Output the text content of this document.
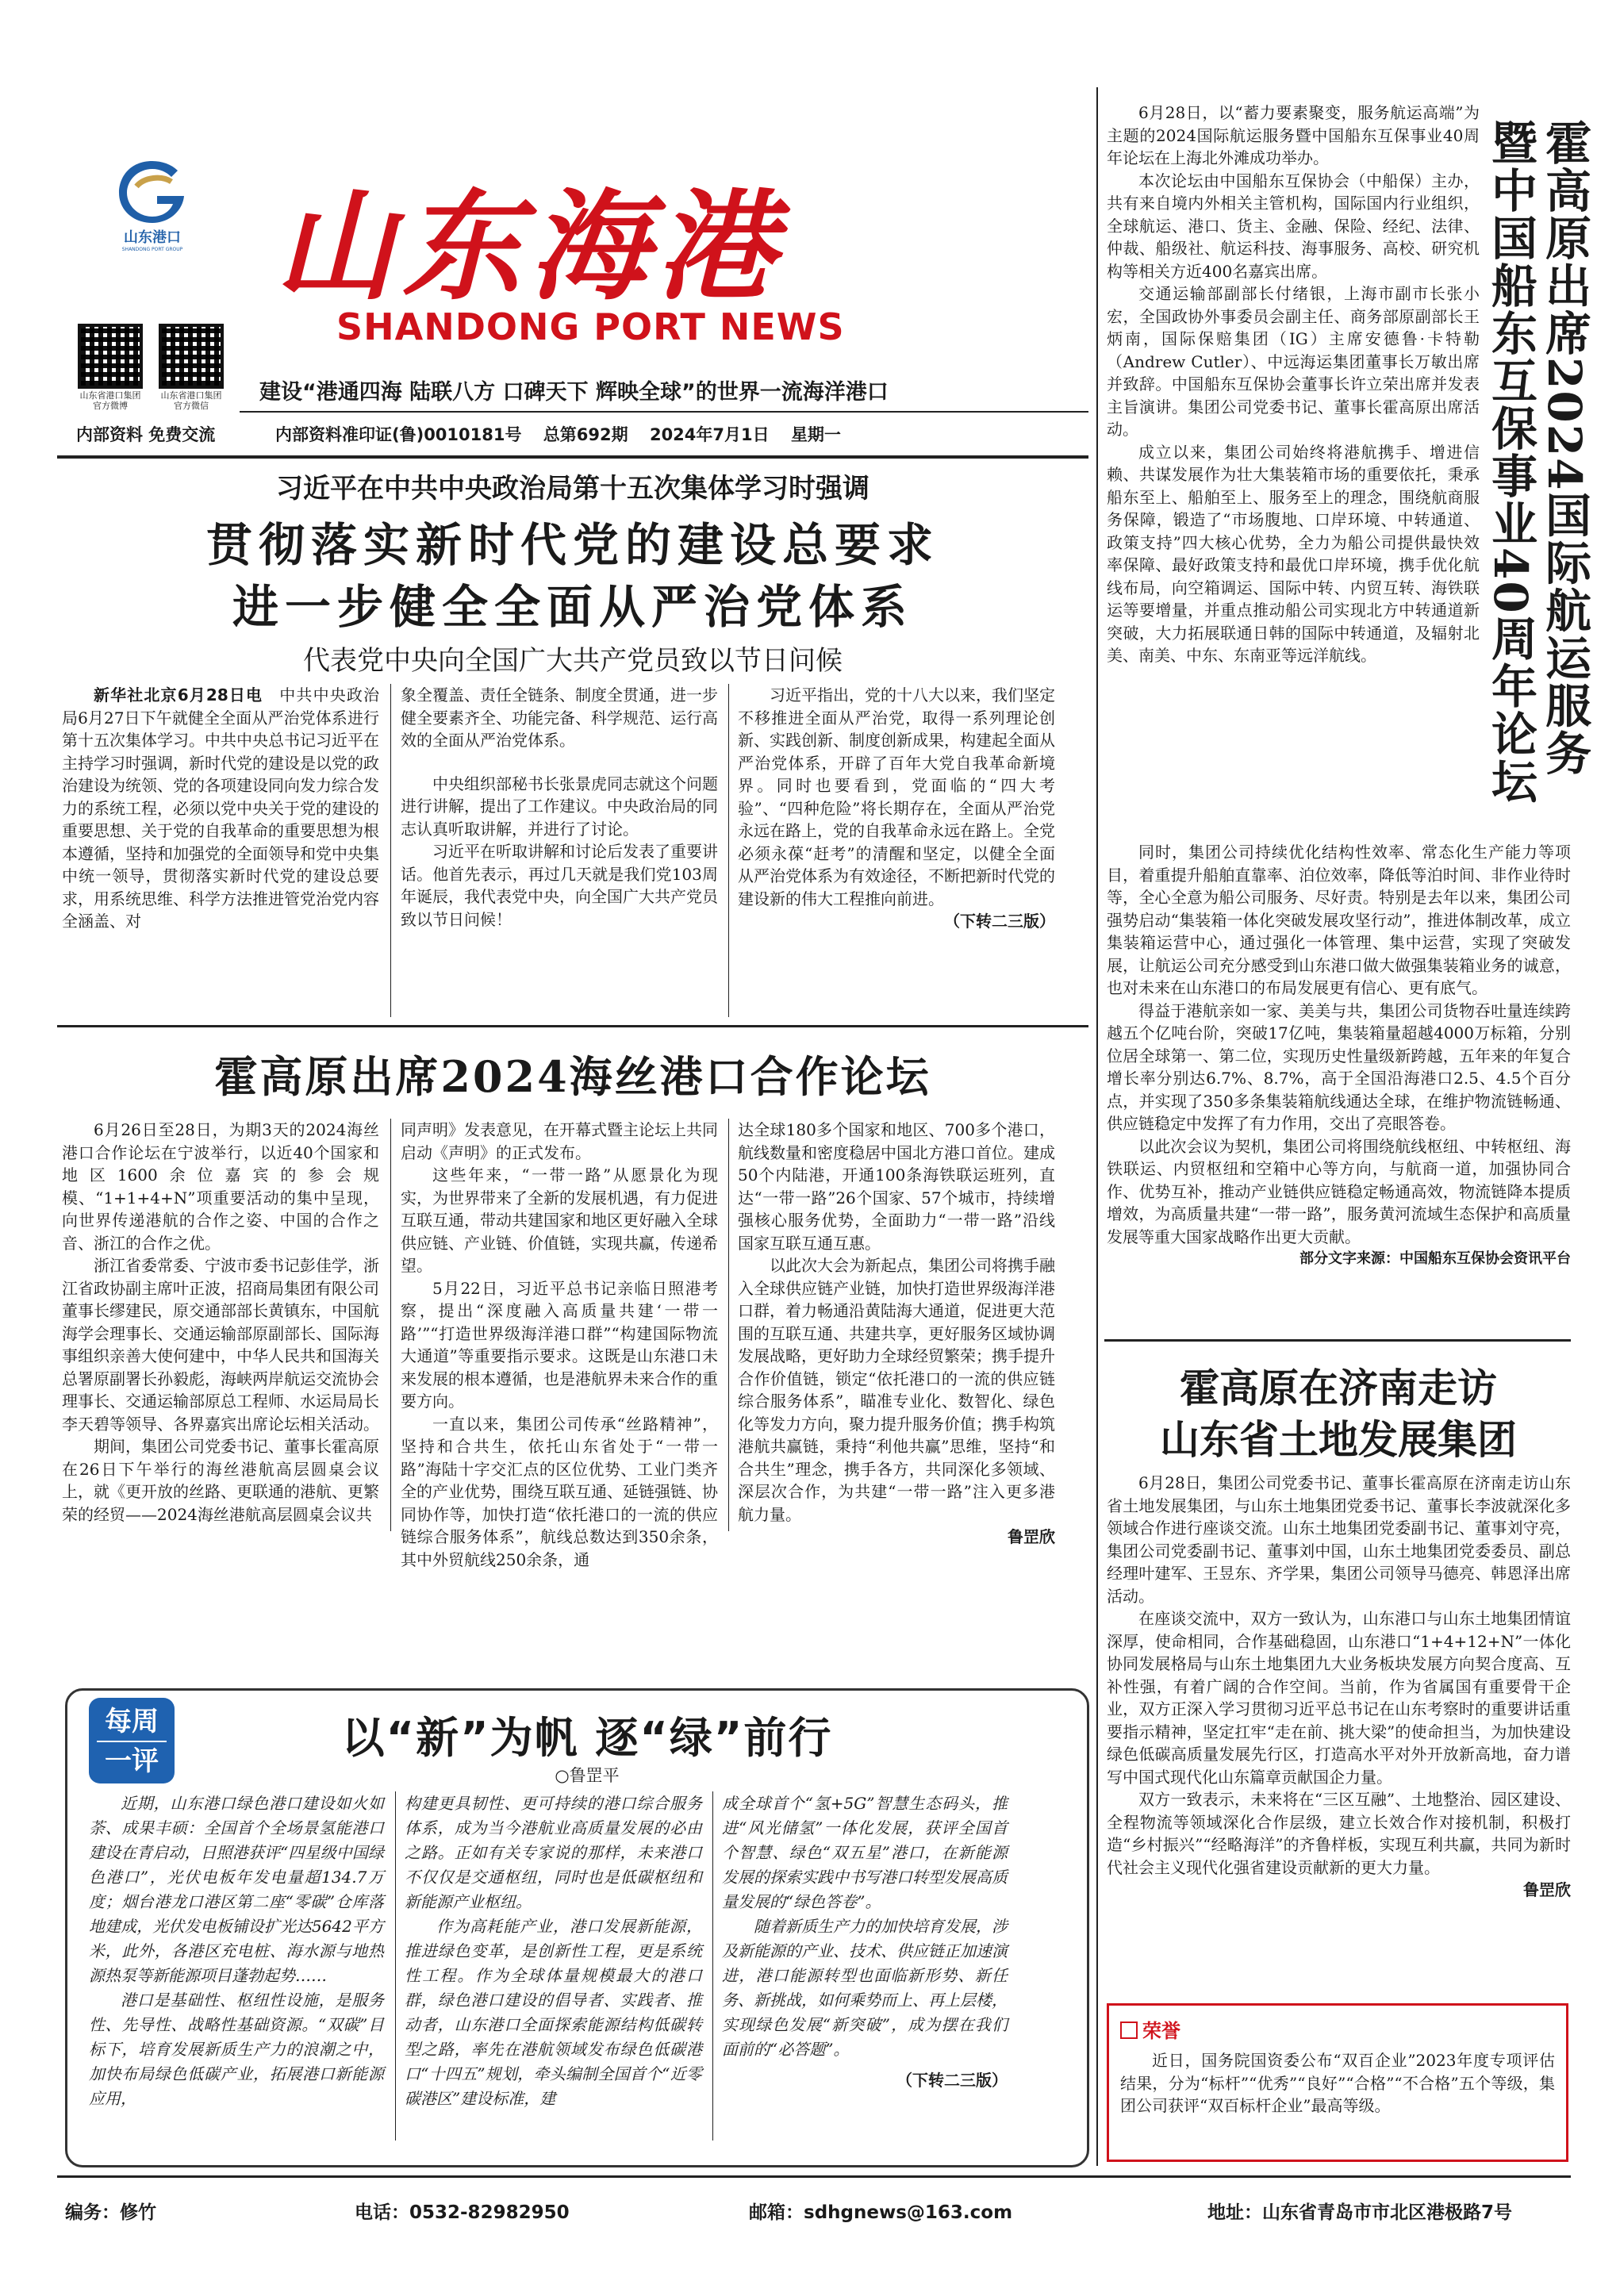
山东港口
SHANDONG PORT GROUP 山东海港
SHANDONG PORT NEWS
山东省港口集团官方微博
山东省港口集团官方微信
建设“港通四海 陆联八方 口碑天下 辉映全球”的世界一流海洋港口
内部资料 免费交流	内部资料准印证(鲁)0010181号 总第692期 2024年7月1日 星期一
习近平在中共中央政治局第十五次集体学习时强调
贯彻落实新时代党的建设总要求
进一步健全全面从严治党体系
代表党中央向全国广大共产党员致以节日问候

新华社北京6月28日电　 中共中央政治局6月27日下午就健全全面从严治党体系进行第十五次集体学习。中共中央总书记习近平在主持学习时强调，新时代党的建设是以党的政治建设为统领、党的各项建设同向发力综合发力的系统工程，必须以党中央关于党的建设的重要思想、关于党的自我革命的重要思想为根本遵循，坚持和加强党的全面领导和党中央集中统一领导，贯彻落实新时代党的建设总要求，用系统思维、科学方法推进管党治党内容全涵盖、对

象全覆盖、责任全链条、制度全贯通，进一步健全要素齐全、功能完备、科学规范、运行高效的全面从严治党体系。

中央组织部秘书长张景虎同志就这个问题进行讲解，提出了工作建议。中央政治局的同志认真听取讲解，并进行了讨论。

习近平在听取讲解和讨论后发表了重要讲话。他首先表示，再过几天就是我们党103周年诞辰，我代表党中央，向全国广大共产党员致以节日问候！

习近平指出，党的十八大以来，我们坚定不移推进全面从严治党，取得一系列理论创新、实践创新、制度创新成果，构建起全面从严治党体系，开辟了百年大党自我革命新境界。同时也要看到，党面临的“四大考验”、“四种危险”将长期存在，全面从严治党永远在路上，党的自我革命永远在路上。全党必须永葆“赶考”的清醒和坚定，以健全全面从严治党体系为有效途径，不断把新时代党的建设新的伟大工程推向前进。

（下转二三版）
霍高原出席2024海丝港口合作论坛

6月26日至28日，为期3天的2024海丝港口合作论坛在宁波举行，以近40个国家和地区1600余位嘉宾的参会规模、“1+1+4+N”项重要活动的集中呈现，向世界传递港航的合作之姿、中国的合作之音、浙江的合作之优。

浙江省委常委、宁波市委书记彭佳学，浙江省政协副主席叶正波，招商局集团有限公司董事长缪建民，原交通部部长黄镇东，中国航海学会理事长、交通运输部原副部长、国际海事组织亲善大使何建中，中华人民共和国海关总署原副署长孙毅彪，海峡两岸航运交流协会理事长、交通运输部原总工程师、水运局局长李天碧等领导、各界嘉宾出席论坛相关活动。

期间，集团公司党委书记、董事长霍高原在26日下午举行的海丝港航高层圆桌会议上，就《更开放的丝路、更联通的港航、更繁荣的经贸——2024海丝港航高层圆桌会议共

同声明》发表意见，在开幕式暨主论坛上共同启动《声明》的正式发布。

这些年来，“一带一路”从愿景化为现实，为世界带来了全新的发展机遇，有力促进互联互通，带动共建国家和地区更好融入全球供应链、产业链、价值链，实现共赢，传递希望。

5月22日，习近平总书记亲临日照港考察，提出“深度融入高质量共建‘一带一路’”“打造世界级海洋港口群”“构建国际物流大通道”等重要指示要求。这既是山东港口未来发展的根本遵循，也是港航界未来合作的重要方向。

一直以来，集团公司传承“丝路精神”，坚持和合共生，依托山东省处于“一带一路”海陆十字交汇点的区位优势、工业门类齐全的产业优势，围绕互联互通、延链强链、协同协作等，加快打造“依托港口的一流的供应链综合服务体系”，航线总数达到350余条，其中外贸航线250余条，通

达全球180多个国家和地区、700多个港口，航线数量和密度稳居中国北方港口首位。建成50个内陆港，开通100条海铁联运班列，直达“一带一路”26个国家、57个城市，持续增强核心服务优势，全面助力“一带一路”沿线国家互联互通互惠。

以此次大会为新起点，集团公司将携手融入全球供应链产业链，加快打造世界级海洋港口群，着力畅通沿黄陆海大通道，促进更大范围的互联互通、共建共享，更好服务区域协调发展战略，更好助力全球经贸繁荣；携手提升合作价值链，锁定“依托港口的一流的供应链综合服务体系”，瞄准专业化、数智化、绿色化等发力方向，聚力提升服务价值；携手构筑港航共赢链，秉持“利他共赢”思维，坚持“和合共生”理念，携手各方，共同深化多领域、深层次合作，为共建“一带一路”注入更多港航力量。

鲁罡欣
每周
一评	以“新”为帆 逐“绿”前行
○鲁罡平

近期，山东港口绿色港口建设如火如荼、成果丰硕：全国首个全场景氢能港口建设在青启动，日照港获评“四星级中国绿色港口”，光伏电板年发电量超134.7万度；烟台港龙口港区第二座“零碳”仓库落地建成，光伏发电板铺设扩光达5642平方米，此外，各港区充电桩、海水源与地热源热泵等新能源项目蓬勃起势……

港口是基础性、枢纽性设施，是服务性、先导性、战略性基础资源。“双碳”目标下，培育发展新质生产力的浪潮之中，加快布局绿色低碳产业，拓展港口新能源应用，

构建更具韧性、更可持续的港口综合服务体系，成为当今港航业高质量发展的必由之路。正如有关专家说的那样，未来港口不仅仅是交通枢纽，同时也是低碳枢纽和新能源产业枢纽。

作为高耗能产业，港口发展新能源，推进绿色变革，是创新性工程，更是系统性工程。作为全球体量规模最大的港口群，绿色港口建设的倡导者、实践者、推动者，山东港口全面探索能源结构低碳转型之路，率先在港航领域发布绿色低碳港口“十四五”规划，牵头编制全国首个“近零碳港区”建设标准，建

成全球首个“氢+5G”智慧生态码头，推进“风光储氢”一体化发展，获评全国首个智慧、绿色“双五星”港口，在新能源发展的探索实践中书写港口转型发展高质量发展的“绿色答卷”。

随着新质生产力的加快培育发展，涉及新能源的产业、技术、供应链正加速演进，港口能源转型也面临新形势、新任务、新挑战，如何乘势而上、再上层楼，实现绿色发展“新突破”，成为摆在我们面前的“必答题”。

（下转二三版）

6月28日，以“蓄力要素聚变，服务航运高端”为主题的2024国际航运服务暨中国船东互保事业40周年论坛在上海北外滩成功举办。

本次论坛由中国船东互保协会（中船保）主办，共有来自境内外相关主管机构，国际国内行业组织，全球航运、港口、货主、金融、保险、经纪、法律、仲裁、船级社、航运科技、海事服务、高校、研究机构等相关方近400名嘉宾出席。

交通运输部副部长付绪银，上海市副市长张小宏，全国政协外事委员会副主任、商务部原副部长王炳南，国际保赔集团（IG）主席安德鲁·卡特勒（Andrew Cutler）、中远海运集团董事长万敏出席并致辞。中国船东互保协会董事长许立荣出席并发表主旨演讲。集团公司党委书记、董事长霍高原出席活动。

成立以来，集团公司始终将港航携手、增进信赖、共谋发展作为壮大集装箱市场的重要依托，秉承船东至上、船舶至上、服务至上的理念，围绕航商服务保障，锻造了“市场腹地、口岸环境、中转通道、政策支持”四大核心优势，全力为船公司提供最快效率保障、最好政策支持和最优口岸环境，携手优化航线布局，向空箱调运、国际中转、内贸互转、海铁联运等要增量，并重点推动船公司实现北方中转通道新突破，大力拓展联通日韩的国际中转通道，及辐射北美、南美、中东、东南亚等远洋航线。	霍高原出席2024国际航运服务
暨中国船东互保事业40周年论坛

同时，集团公司持续优化结构性效率、常态化生产能力等项目，着重提升船舶直靠率、泊位效率，降低等泊时间、非作业待时等，全心全意为船公司服务、尽好责。特别是去年以来，集团公司强势启动“集装箱一体化突破发展攻坚行动”，推进体制改革，成立集装箱运营中心，通过强化一体管理、集中运营，实现了突破发展，让航运公司充分感受到山东港口做大做强集装箱业务的诚意，也对未来在山东港口的布局发展更有信心、更有底气。

得益于港航亲如一家、美美与共，集团公司货物吞吐量连续跨越五个亿吨台阶，突破17亿吨，集装箱量超越4000万标箱，分别位居全球第一、第二位，实现历史性量级新跨越，五年来的年复合增长率分别达6.7%、8.7%，高于全国沿海港口2.5、4.5个百分点，并实现了350多条集装箱航线通达全球，在维护物流链畅通、供应链稳定中发挥了有力作用，交出了亮眼答卷。

以此次会议为契机，集团公司将围绕航线枢纽、中转枢纽、海铁联运、内贸枢纽和空箱中心等方向，与航商一道，加强协同合作、优势互补，推动产业链供应链稳定畅通高效，物流链降本提质增效，为高质量共建“一带一路”，服务黄河流域生态保护和高质量发展等重大国家战略作出更大贡献。

部分文字来源：中国船东互保协会资讯平台
霍高原在济南走访
山东省土地发展集团

6月28日，集团公司党委书记、董事长霍高原在济南走访山东省土地发展集团，与山东土地集团党委书记、董事长李波就深化多领域合作进行座谈交流。山东土地集团党委副书记、董事刘守亮，集团公司党委副书记、董事刘中国，山东土地集团党委委员、副总经理叶建军、王昱东、齐学果，集团公司领导马德亮、韩恩泽出席活动。

在座谈交流中，双方一致认为，山东港口与山东土地集团情谊深厚，使命相同，合作基础稳固，山东港口“1+4+12+N”一体化协同发展格局与山东土地集团九大业务板块发展方向契合度高、互补性强，有着广阔的合作空间。当前，作为省属国有重要骨干企业，双方正深入学习贯彻习近平总书记在山东考察时的重要讲话重要指示精神，坚定扛牢“走在前、挑大梁”的使命担当，为加快建设绿色低碳高质量发展先行区，打造高水平对外开放新高地，奋力谱写中国式现代化山东篇章贡献国企力量。

双方一致表示，未来将在“三区互融”、土地整治、园区建设、全程物流等领域深化合作层级，建立长效合作对接机制，积极打造“乡村振兴”“经略海洋”的齐鲁样板，实现互利共赢，共同为新时代社会主义现代化强省建设贡献新的更大力量。

鲁罡欣
荣誉

近日，国务院国资委公布“双百企业”2023年度专项评估结果，分为“标杆”“优秀”“良好”“合格”“不合格”五个等级，集团公司获评“双百标杆企业”最高等级。

编务：修竹	电话：0532-82982950	邮箱：sdhgnews@163.com	地址：山东省青岛市市北区港极路7号
